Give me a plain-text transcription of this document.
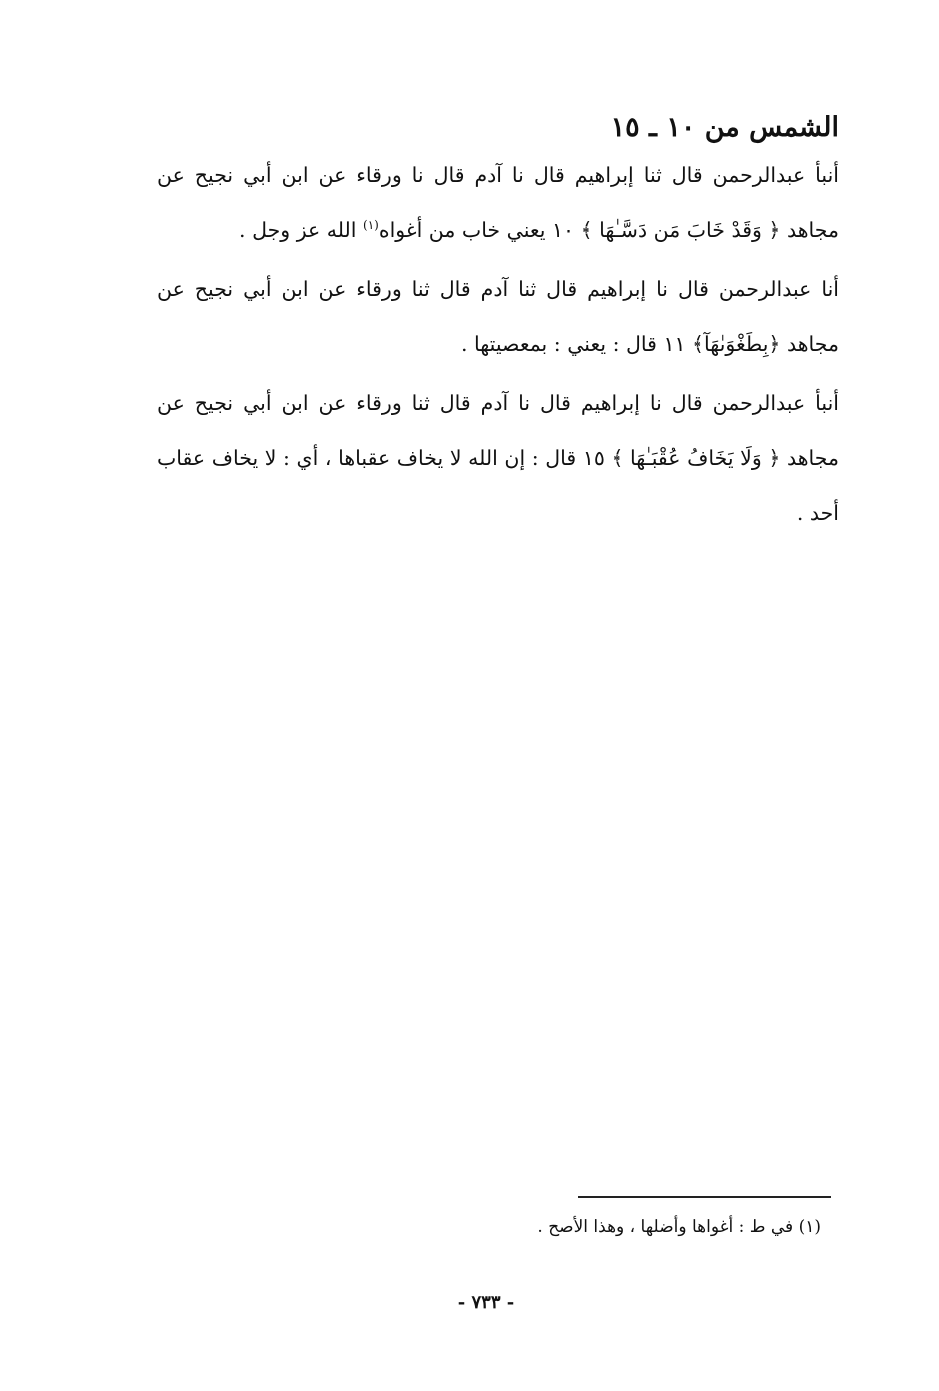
الشمس من ١٠ ـ ١٥

أنبأ عبدالرحمن قال ثنا إبراهيم قال نا آدم قال نا ورقاء عن ابن أبي نجيح عن مجاهد ﴿ وَقَدْ خَابَ مَن دَسَّـٰهَا ﴾ ١٠ يعني خاب من أغواه$^{(١)}$ الله عز وجل .

أنا عبدالرحمن قال نا إبراهيم قال ثنا آدم قال ثنا ورقاء عن ابن أبي نجيح عن مجاهد ﴿بِطَغْوَىٰهَآ﴾ ١١ قال : يعني : بمعصيتها .

أنبأ عبدالرحمن قال نا إبراهيم قال نا آدم قال ثنا ورقاء عن ابن أبي نجيح عن مجاهد ﴿ وَلَا يَخَافُ عُقْبَـٰهَا ﴾ ١٥ قال : إن الله لا يخاف عقباها ، أي : لا يخاف عقاب أحد .

(١) في ط : أغواها وأضلها ، وهذا الأصح .
- ٧٣٣ -
